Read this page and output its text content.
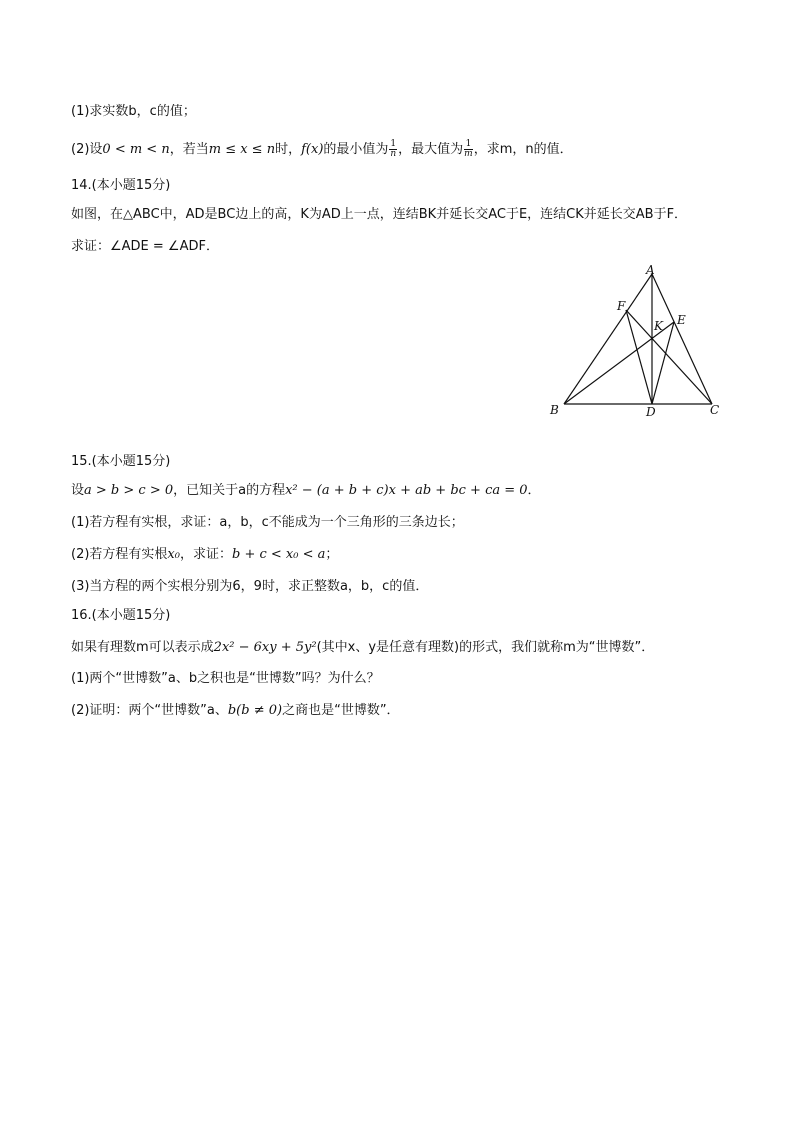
(1)求实数b，c的值；
(2)设0 < m < n，若当m ≤ x ≤ n时，f(x)的最小值为 $\frac{1}{n}$ ，最大值为 $\frac{1}{m}$ ，求m，n的值．
14.(本小题15分)
如图，在△ABC中，AD是BC边上的高，K为AD上一点，连结BK并延长交AC于E，连结CK并延长交AB于F．
求证：∠ADE = ∠ADF．
A
B	C
D
E
F
K
15.(本小题15分)
设a > b > c > 0，已知关于a的方程x² − (a + b + c)x + ab + bc + ca = 0．
(1)若方程有实根，求证：a，b，c不能成为一个三角形的三条边长；
(2)若方程有实根x₀，求证：b + c < x₀ < a；
(3)当方程的两个实根分别为6，9时，求正整数a，b，c的值．
16.(本小题15分)
如果有理数m可以表示成2x² − 6xy + 5y²(其中x、y是任意有理数)的形式，我们就称m为“世博数”．
(1)两个“世博数”a、b之积也是“世博数”吗？为什么？
(2)证明：两个“世博数”a、b(b ≠ 0)之商也是“世博数”．
